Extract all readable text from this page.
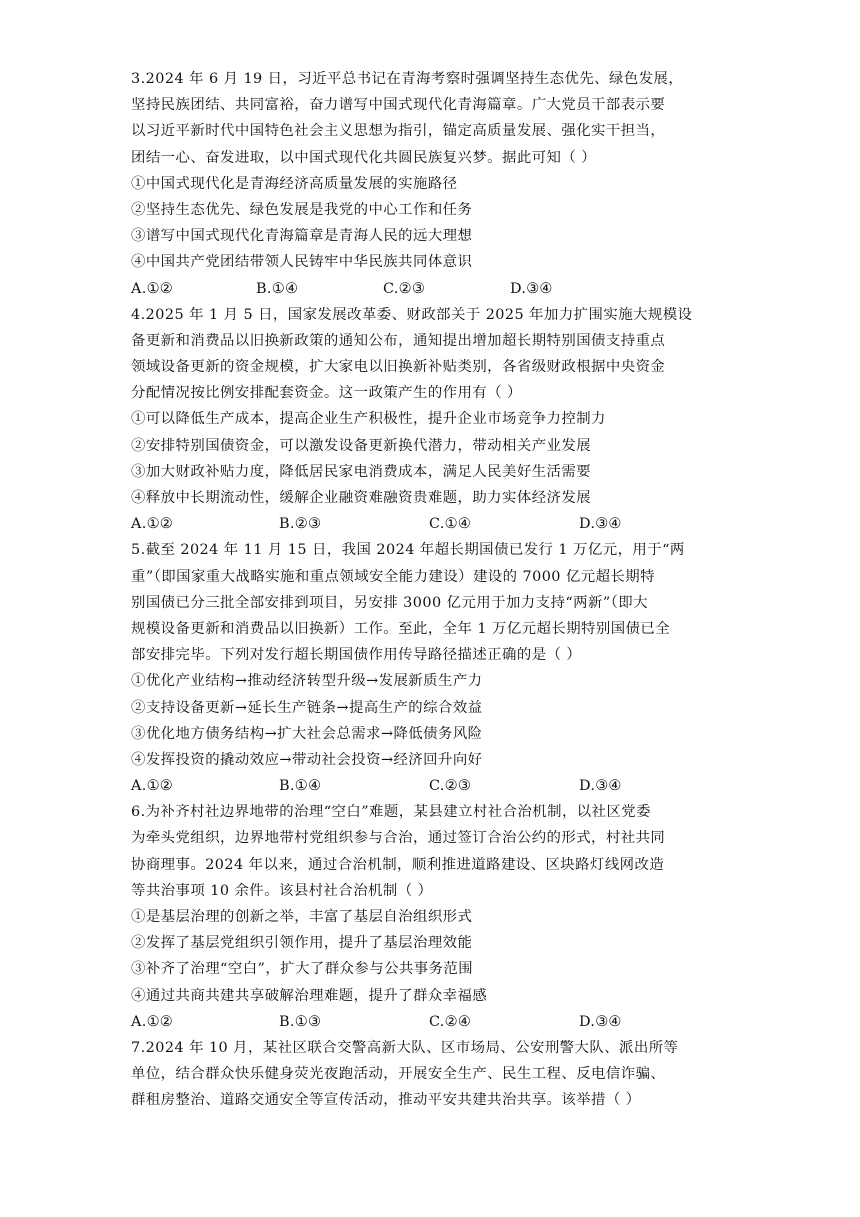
3.2024 年 6 月 19 日，习近平总书记在青海考察时强调坚持生态优先、绿色发展，
坚持民族团结、共同富裕，奋力谱写中国式现代化青海篇章。广大党员干部表示要
以习近平新时代中国特色社会主义思想为指引，锚定高质量发展、强化实干担当，
团结一心、奋发进取，以中国式现代化共圆民族复兴梦。据此可知（ ）
①中国式现代化是青海经济高质量发展的实施路径
②坚持生态优先、绿色发展是我党的中心工作和任务
③谱写中国式现代化青海篇章是青海人民的远大理想
④中国共产党团结带领人民铸牢中华民族共同体意识
A.①②	B.①④	C.②③	D.③④
4.2025 年 1 月 5 日，国家发展改革委、财政部关于 2025 年加力扩围实施大规模设
备更新和消费品以旧换新政策的通知公布，通知提出增加超长期特别国债支持重点
领域设备更新的资金规模，扩大家电以旧换新补贴类别，各省级财政根据中央资金
分配情况按比例安排配套资金。这一政策产生的作用有（ ）
①可以降低生产成本，提高企业生产积极性，提升企业市场竞争力控制力
②安排特别国债资金，可以激发设备更新换代潜力，带动相关产业发展
③加大财政补贴力度，降低居民家电消费成本，满足人民美好生活需要
④释放中长期流动性，缓解企业融资难融资贵难题，助力实体经济发展
A.①②	B.②③	C.①④	D.③④
5.截至 2024 年 11 月 15 日，我国 2024 年超长期国债已发行 1 万亿元，用于“两
重”（即国家重大战略实施和重点领域安全能力建设）建设的 7000 亿元超长期特
别国债已分三批全部安排到项目，另安排 3000 亿元用于加力支持“两新”（即大
规模设备更新和消费品以旧换新）工作。至此，全年 1 万亿元超长期特别国债已全
部安排完毕。下列对发行超长期国债作用传导路径描述正确的是（ ）
①优化产业结构→推动经济转型升级→发展新质生产力
②支持设备更新→延长生产链条→提高生产的综合效益
③优化地方债务结构→扩大社会总需求→降低债务风险
④发挥投资的撬动效应→带动社会投资→经济回升向好
A.①②	B.①④	C.②③	D.③④
6.为补齐村社边界地带的治理“空白”难题，某县建立村社合治机制，以社区党委
为牵头党组织，边界地带村党组织参与合治，通过签订合治公约的形式，村社共同
协商理事。2024 年以来，通过合治机制，顺利推进道路建设、区块路灯线网改造
等共治事项 10 余件。该县村社合治机制（ ）
①是基层治理的创新之举，丰富了基层自治组织形式
②发挥了基层党组织引领作用，提升了基层治理效能
③补齐了治理“空白”，扩大了群众参与公共事务范围
④通过共商共建共享破解治理难题，提升了群众幸福感
A.①②	B.①③	C.②④	D.③④
7.2024 年 10 月，某社区联合交警高新大队、区市场局、公安刑警大队、派出所等
单位，结合群众快乐健身荧光夜跑活动，开展安全生产、民生工程、反电信诈骗、
群租房整治、道路交通安全等宣传活动，推动平安共建共治共享。该举措（ ）
